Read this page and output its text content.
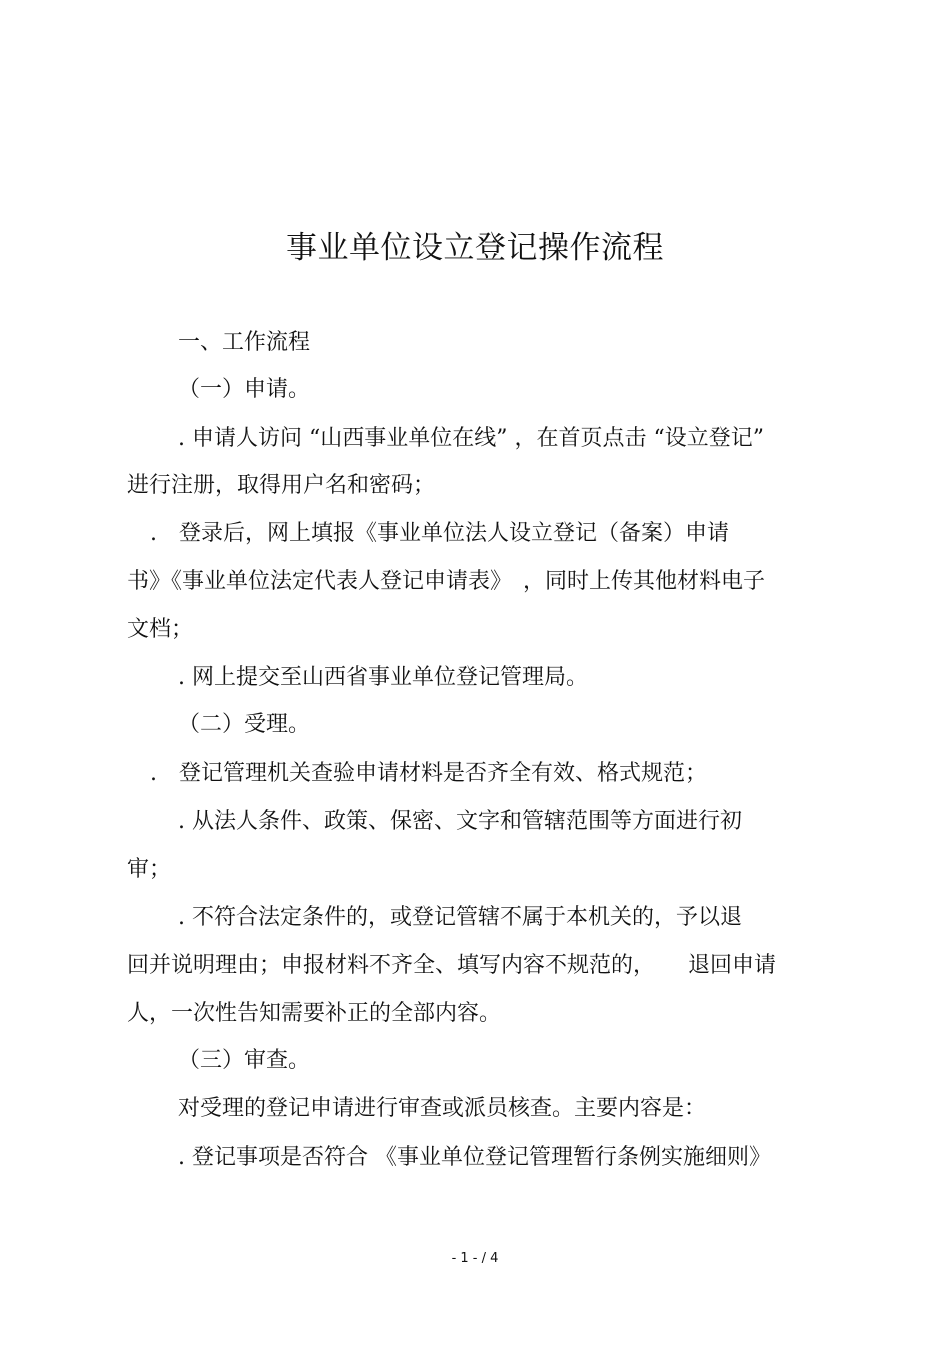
事业单位设立登记操作流程
一、工作流程
（一）申请。
. 申请人访问 “山西事业单位在线” ，在首页点击 “设立登记”
进行注册，取得用户名和密码；
.　登录后，网上填报《事业单位法人设立登记（备案）申请
书》《事业单位法定代表人登记申请表》　，同时上传其他材料电子
文档；
. 网上提交至山西省事业单位登记管理局。
（二）受理。
.　登记管理机关查验申请材料是否齐全有效、格式规范；
. 从法人条件、政策、保密、文字和管辖范围等方面进行初
审；
. 不符合法定条件的，或登记管辖不属于本机关的，予以退
回并说明理由；申报材料不齐全、填写内容不规范的，　　退回申请
人，一次性告知需要补正的全部内容。
（三）审查。
对受理的登记申请进行审查或派员核查。主要内容是：
. 登记事项是否符合 《事业单位登记管理暂行条例实施细则》
- 1 - / 4
